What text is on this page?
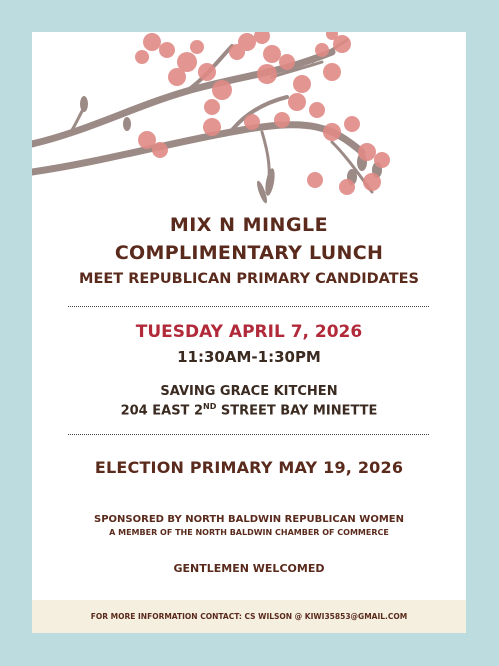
MIX N MINGLE
COMPLIMENTARY LUNCH
MEET REPUBLICAN PRIMARY CANDIDATES
TUESDAY APRIL 7, 2026
11:30AM-1:30PM
SAVING GRACE KITCHEN
204 EAST 2ND STREET BAY MINETTE
ELECTION PRIMARY MAY 19, 2026
SPONSORED BY NORTH BALDWIN REPUBLICAN WOMEN
A MEMBER OF THE NORTH BALDWIN CHAMBER OF COMMERCE
GENTLEMEN WELCOMED
FOR MORE INFORMATION CONTACT: CS WILSON @ KIWI35853@GMAIL.COM
